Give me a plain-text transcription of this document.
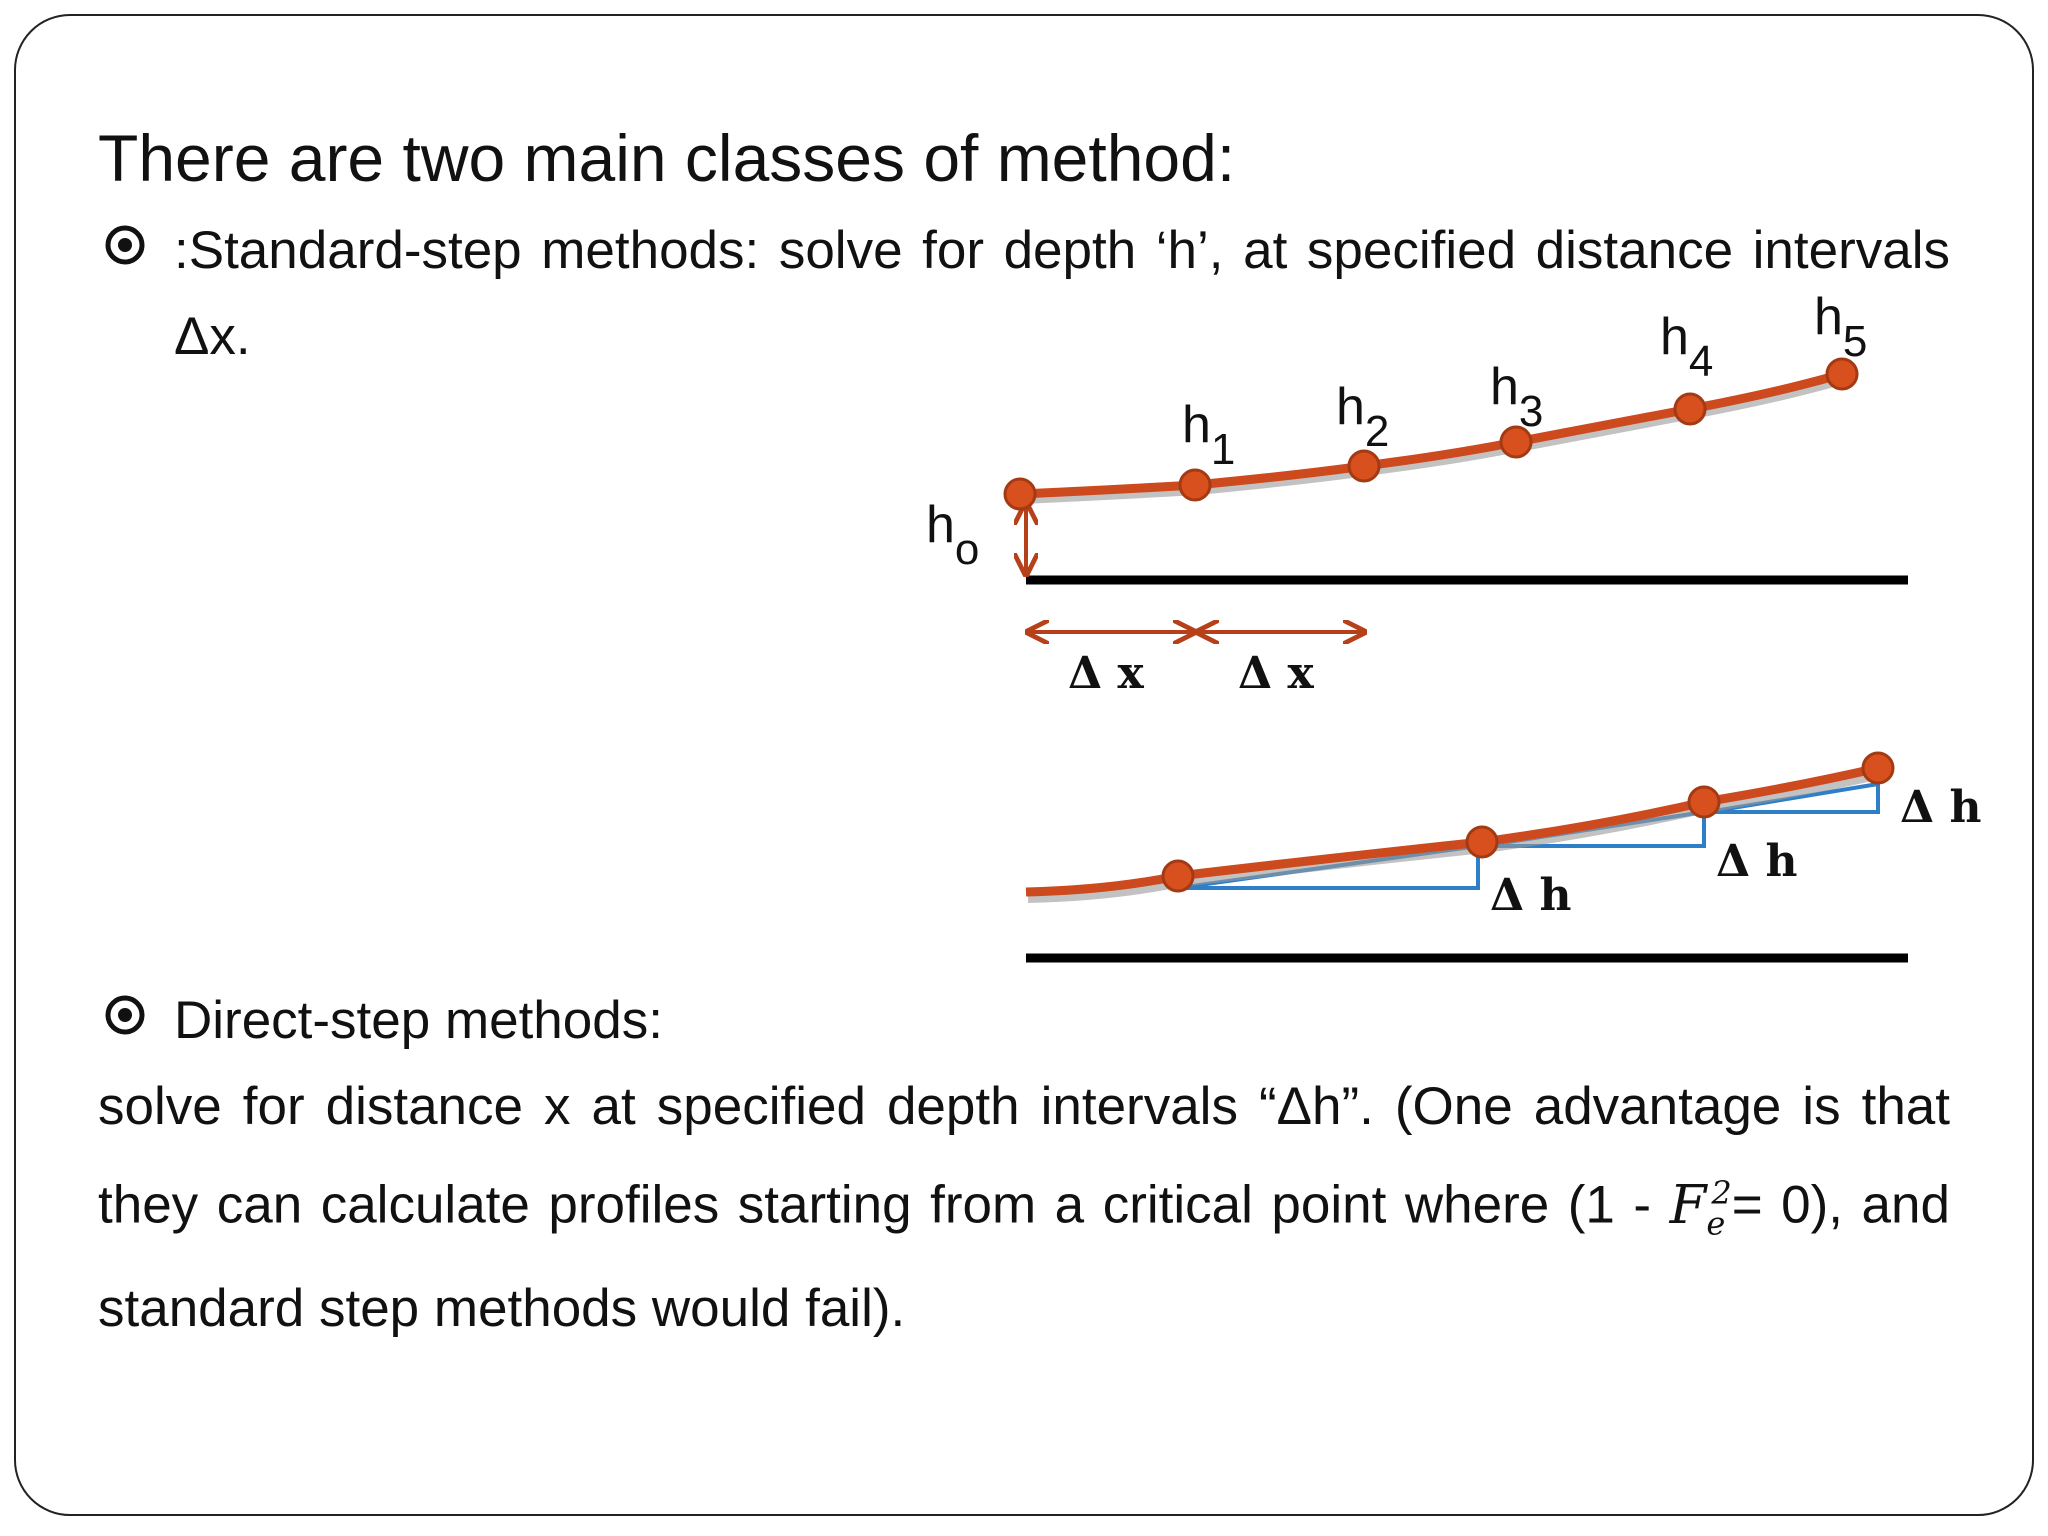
There are two main classes of method:
:Standard-step methods: solve for depth ‘h’, at specified distance intervals Δx.
Direct-step methods:
solve for distance x at specified depth intervals “Δh”. (One advantage is that they can calculate profiles starting from a critical point where $(1 - F_e^2= 0)$, and standard step methods would fail).
$h_o$
$h_1$
$h_2$
$h_3$
$h_4$
$h_5$
Δ x Δ x
Δ h
Δ h
Δ h
